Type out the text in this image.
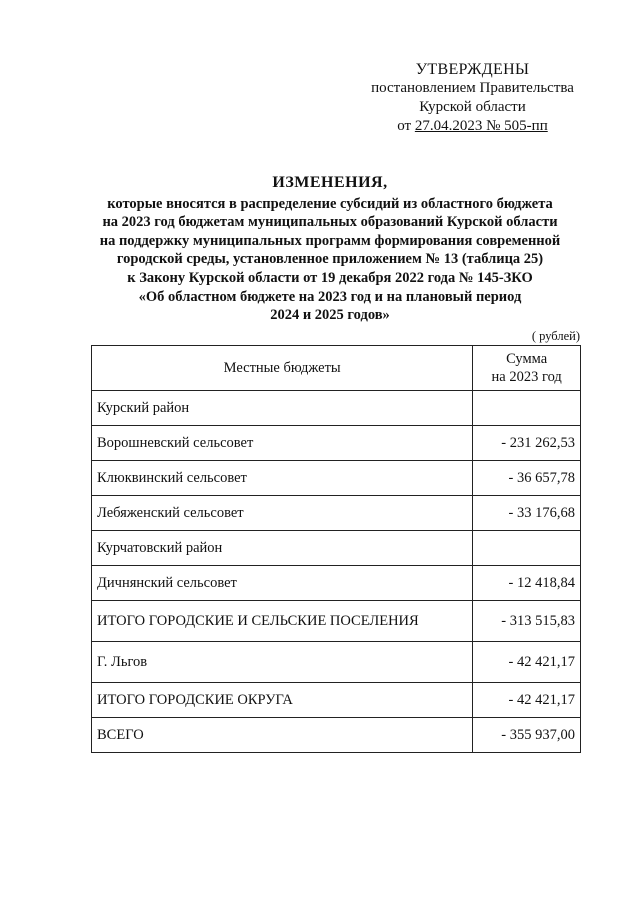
УТВЕРЖДЕНЫ
постановлением Правительства
Курской области
от 27.04.2023 № 505-пп
ИЗМЕНЕНИЯ,
которые вносятся в распределение субсидий из областного бюджета
на 2023 год бюджетам муниципальных образований Курской области
на поддержку муниципальных программ формирования современной
городской среды, установленное приложением № 13 (таблица 25)
к Закону Курской области от 19 декабря 2022 года № 145-ЗКО
«Об областном бюджете на 2023 год и на плановый период
2024 и 2025 годов»
( рублей)
Местные бюджеты	Сумма
на 2023 год

Курский район	
Ворошневский сельсовет	- 231 262,53
Клюквинский сельсовет	- 36 657,78
Лебяженский сельсовет	- 33 176,68
Курчатовский район	
Дичнянский сельсовет	- 12 418,84
ИТОГО ГОРОДСКИЕ И СЕЛЬСКИЕ ПОСЕЛЕНИЯ	- 313 515,83
Г. Льгов	- 42 421,17
ИТОГО ГОРОДСКИЕ ОКРУГА	- 42 421,17
ВСЕГО	- 355 937,00
